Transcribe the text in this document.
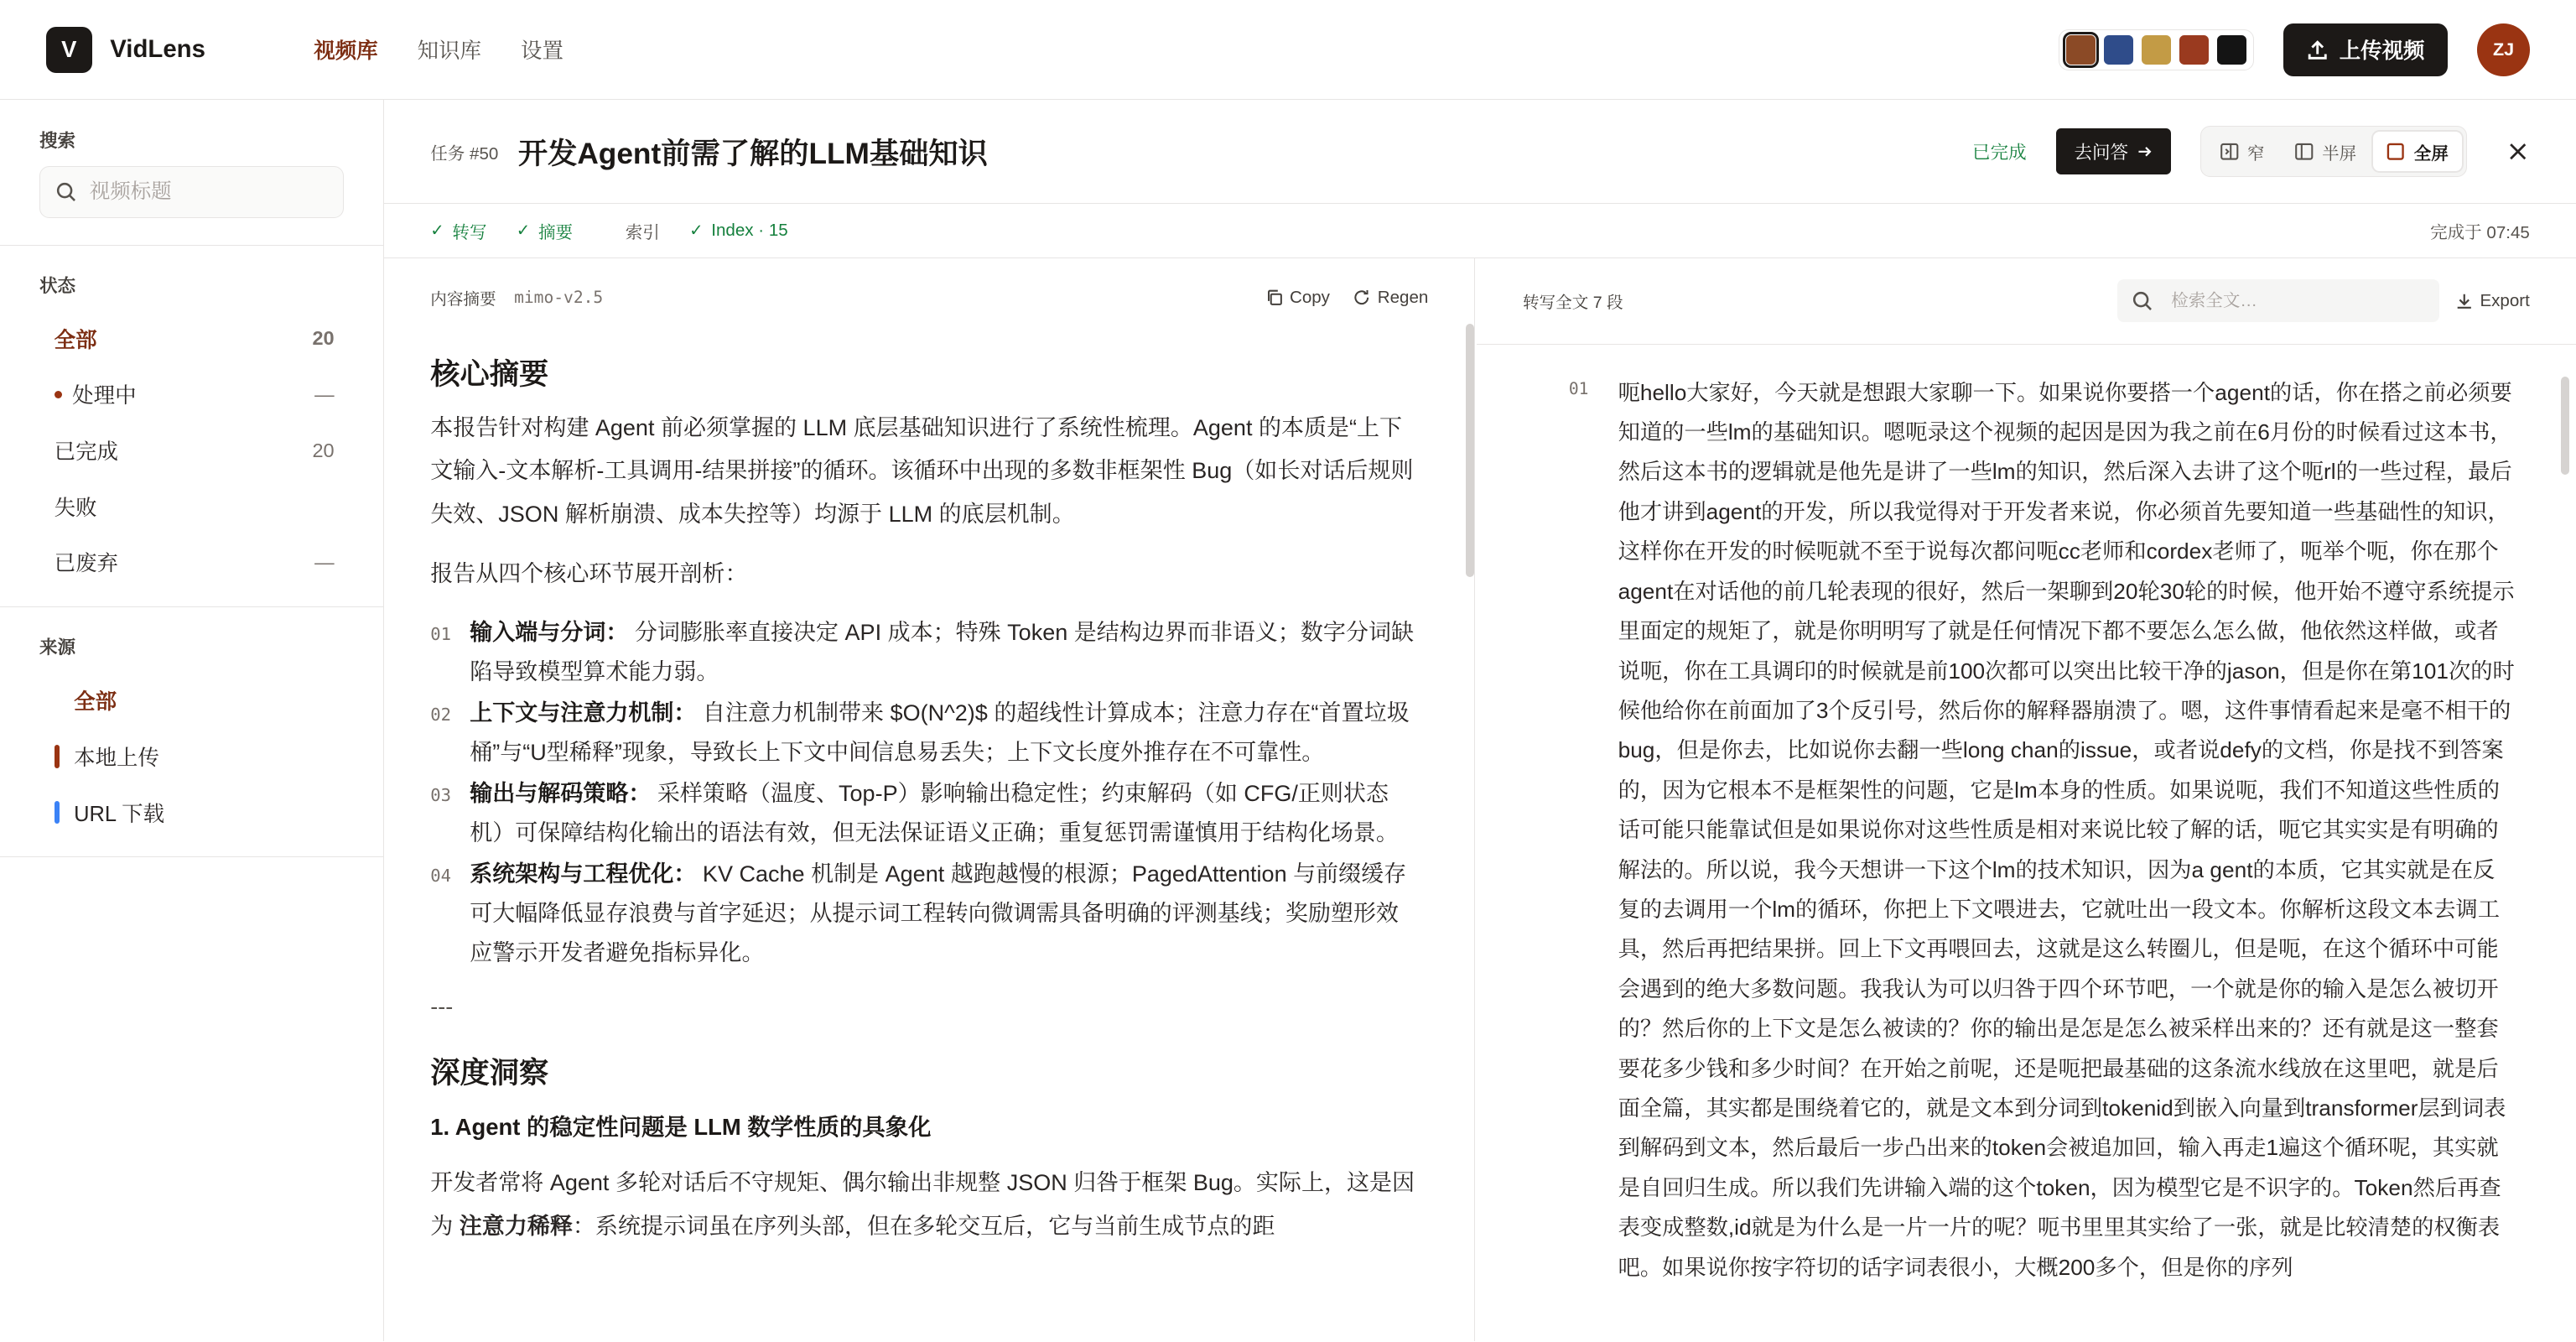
V	VidLens	视频库	知识库	设置	上传视频	ZJ
搜索
视频标题
状态
全部	20
处理中	—
已完成	20
失败
已废弃	—
来源
全部
本地上传
URL 下载
任务 #50 开发Agent前需了解的LLM基础知识	已完成	去问答	窄	半屏	全屏
✓ 转写	✓ 摘要	索引	✓ Index · 15	完成于 07:45
内容摘要 mimo-v2.5	Copy	Regen
核心摘要
本报告针对构建 Agent 前必须掌握的 LLM 底层基础知识进行了系统性梳理。Agent 的本质是“上下文输入-文本解析-工具调用-结果拼接”的循环。该循环中出现的多数非框架性 Bug（如长对话后规则失效、JSON 解析崩溃、成本失控等）均源于 LLM 的底层机制。
报告从四个核心环节展开剖析：
01	输入端与分词： 分词膨胀率直接决定 API 成本；特殊 Token 是结构边界而非语义；数字分词缺陷导致模型算术能力弱。
02	上下文与注意力机制： 自注意力机制带来 $O(N^2)$ 的超线性计算成本；注意力存在“首置垃圾桶”与“U型稀释”现象，导致长上下文中间信息易丢失；上下文长度外推存在不可靠性。
03	输出与解码策略： 采样策略（温度、Top-P）影响输出稳定性；约束解码（如 CFG/正则状态机）可保障结构化输出的语法有效，但无法保证语义正确；重复惩罚需谨慎用于结构化场景。
04	系统架构与工程优化： KV Cache 机制是 Agent 越跑越慢的根源；PagedAttention 与前缀缓存可大幅降低显存浪费与首字延迟；从提示词工程转向微调需具备明确的评测基线；奖励塑形效应警示开发者避免指标异化。
---
深度洞察
1. Agent 的稳定性问题是 LLM 数学性质的具象化
开发者常将 Agent 多轮对话后不守规矩、偶尔输出非规整 JSON 归咎于框架 Bug。实际上，这是因为 注意力稀释：系统提示词虽在序列头部，但在多轮交互后，它与当前生成节点的距
转写全文 7 段
检索全文…	Export
01	呃hello大家好，今天就是想跟大家聊一下。如果说你要搭一个agent的话，你在搭之前必须要知道的一些lm的基础知识。嗯呃录这个视频的起因是因为我之前在6月份的时候看过这本书，然后这本书的逻辑就是他先是讲了一些lm的知识，然后深入去讲了这个呃rl的一些过程，最后他才讲到agent的开发，所以我觉得对于开发者来说，你必须首先要知道一些基础性的知识，这样你在开发的时候呃就不至于说每次都问呃cc老师和cordex老师了，呃举个呃，你在那个agent在对话他的前几轮表现的很好，然后一架聊到20轮30轮的时候，他开始不遵守系统提示里面定的规矩了，就是你明明写了就是任何情况下都不要怎么怎么做，他依然这样做，或者说呃，你在工具调印的时候就是前100次都可以突出比较干净的jason，但是你在第101次的时候他给你在前面加了3个反引号，然后你的解释器崩溃了。嗯，这件事情看起来是毫不相干的bug，但是你去，比如说你去翻一些long chan的issue，或者说defy的文档，你是找不到答案的，因为它根本不是框架性的问题，它是lm本身的性质。如果说呃，我们不知道这些性质的话可能只能靠试但是如果说你对这些性质是相对来说比较了解的话，呃它其实实是有明确的解法的。所以说，我今天想讲一下这个lm的技术知识，因为a gent的本质，它其实就是在反复的去调用一个lm的循环，你把上下文喂进去，它就吐出一段文本。你解析这段文本去调工具，然后再把结果拼。回上下文再喂回去，这就是这么转圈儿，但是呃，在这个循环中可能会遇到的绝大多数问题。我我认为可以归咎于四个环节吧，一个就是你的输入是怎么被切开的？然后你的上下文是怎么被读的？你的输出是怎是怎么被采样出来的？还有就是这一整套要花多少钱和多少时间？在开始之前呢，还是呃把最基础的这条流水线放在这里吧，就是后面全篇，其实都是围绕着它的，就是文本到分词到tokenid到嵌入向量到transformer层到词表到解码到文本，然后最后一步凸出来的token会被追加回，输入再走1遍这个循环呢，其实就是自回归生成。所以我们先讲输入端的这个token，因为模型它是不识字的。Token然后再查表变成整数,id就是为什么是一片一片的呢？呃书里里其实给了一张，就是比较清楚的权衡表吧。如果说你按字符切的话字词表很小，大概200多个，但是你的序列
